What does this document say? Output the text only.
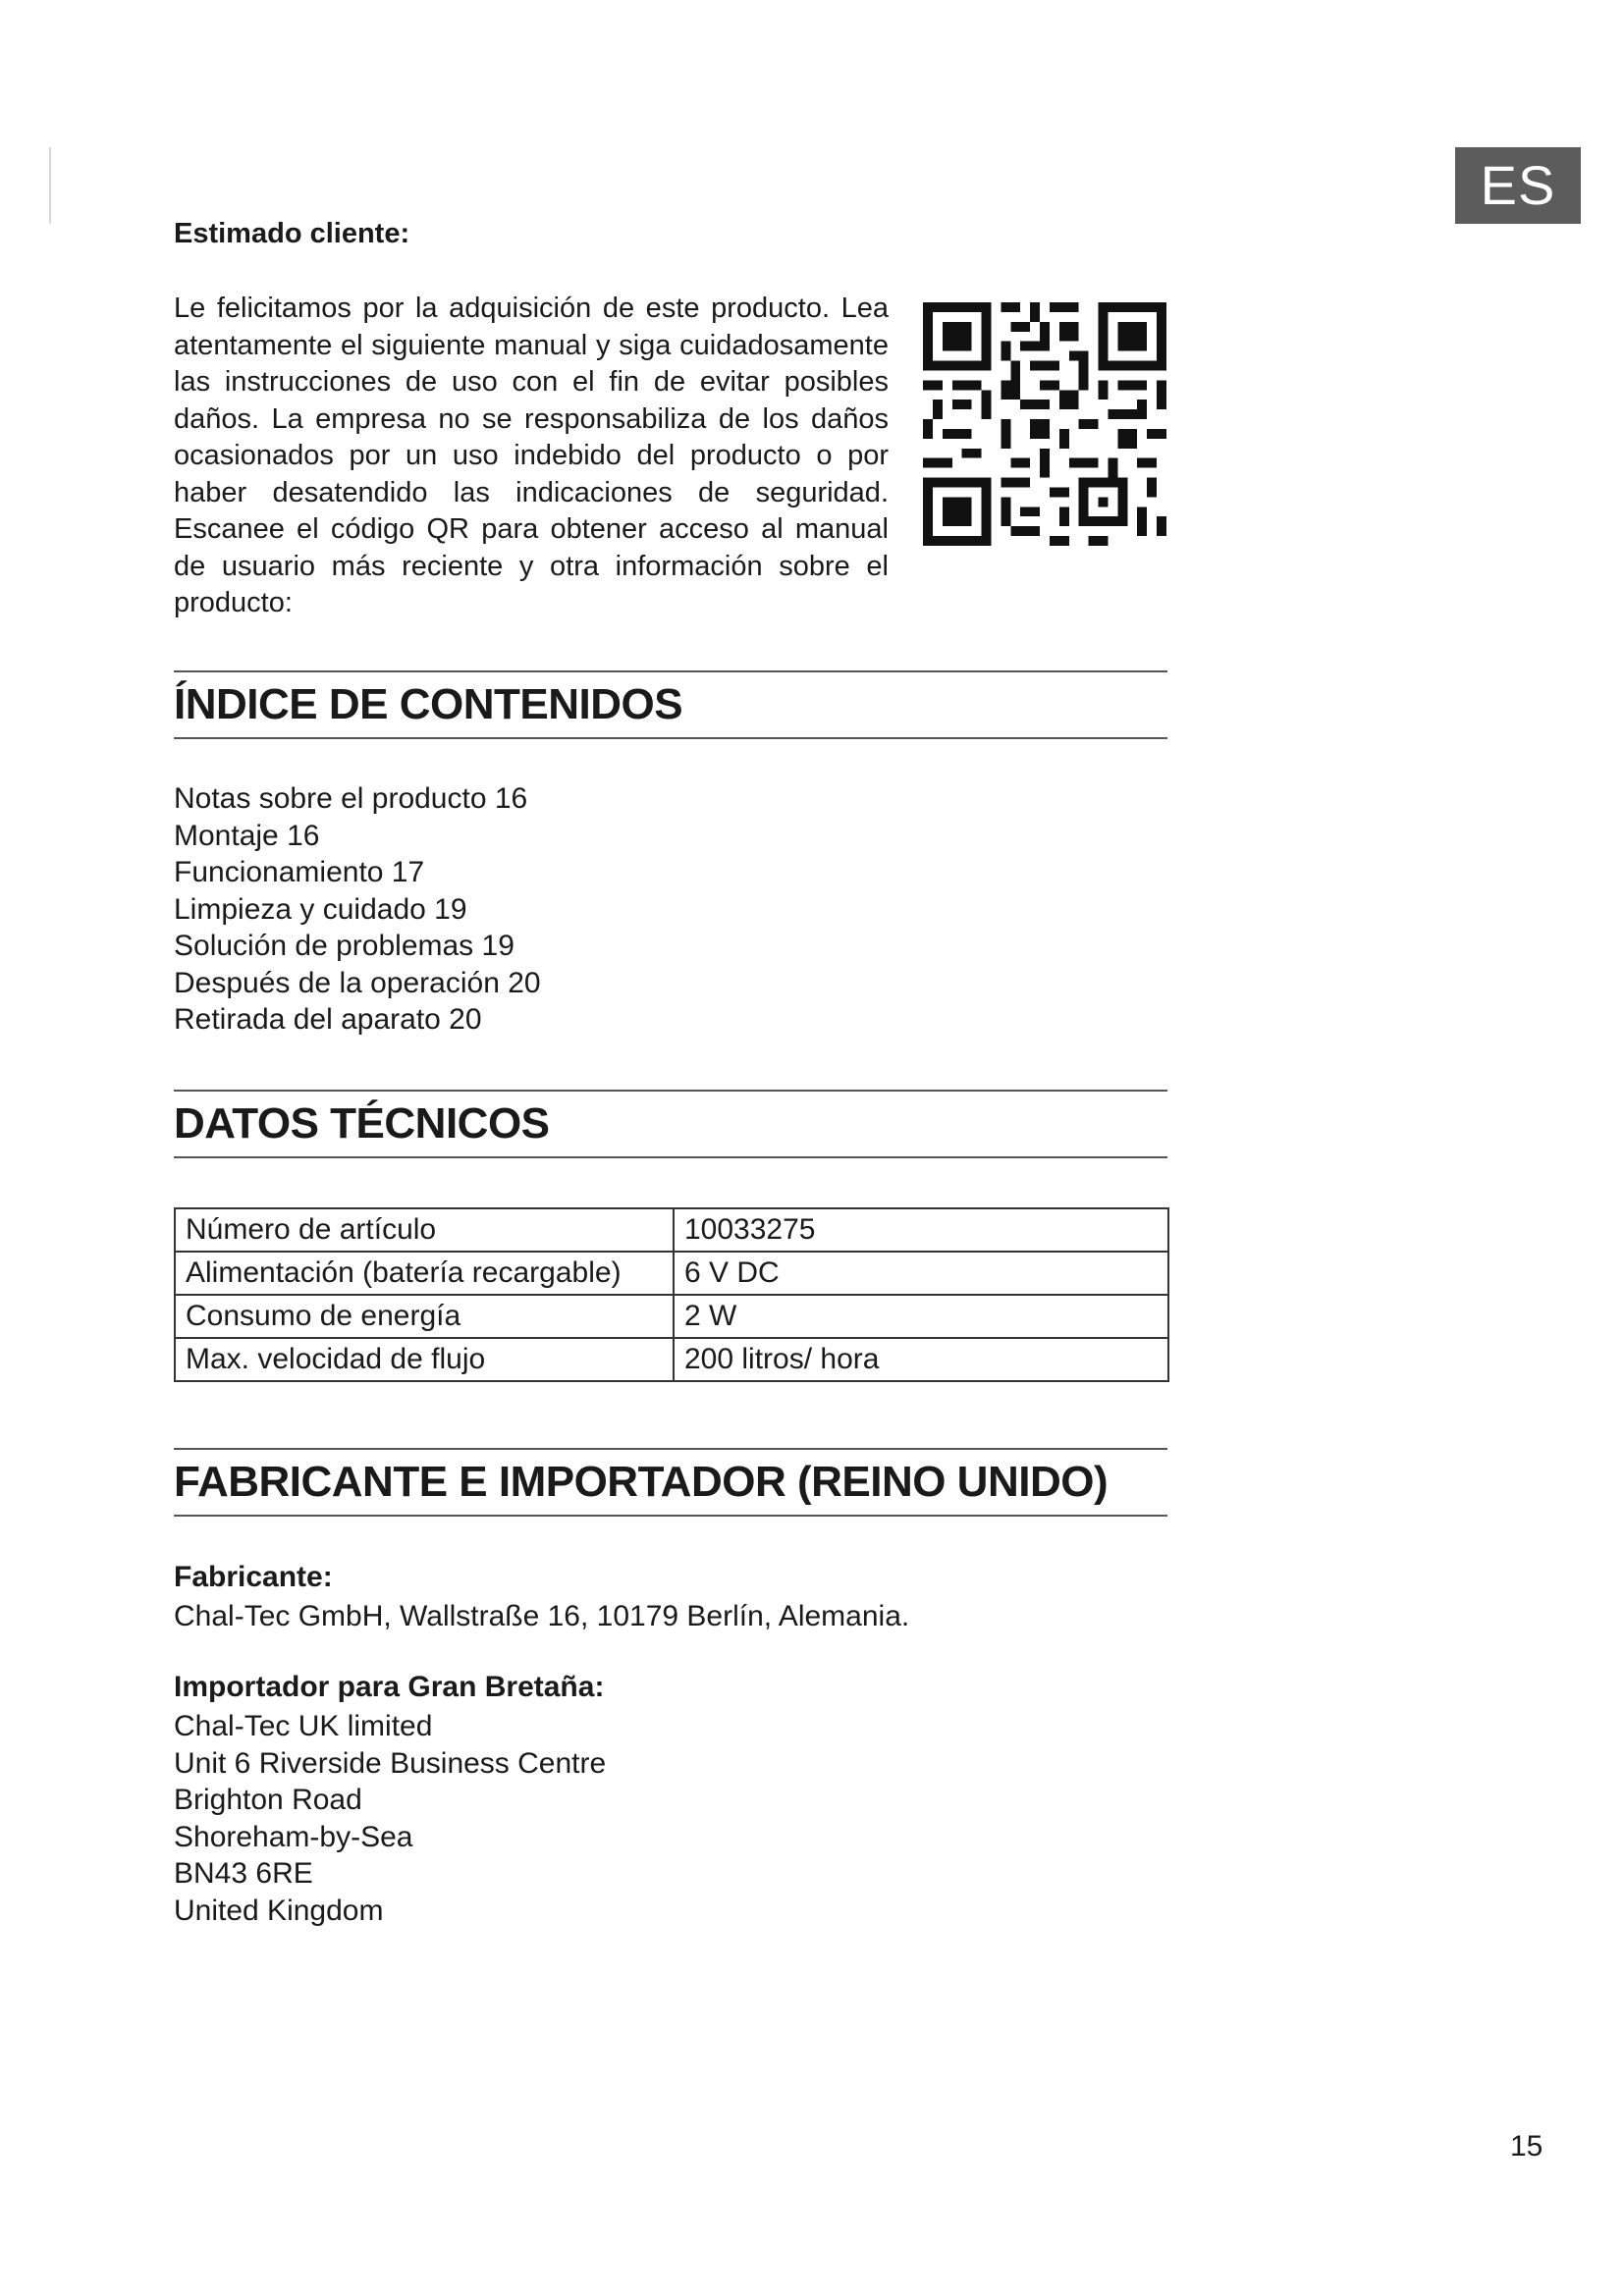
ES

Estimado cliente:

Le felicitamos por la adquisición de este producto. Lea atentamente el siguiente manual y siga cuidadosamente las instrucciones de uso con el fin de evitar posibles daños. La empresa no se responsabiliza de los daños ocasionados por un uso indebido del producto o por haber desatendido las indicaciones de seguridad. Escanee el código QR para obtener acceso al manual de usuario más reciente y otra información sobre el producto:

ÍNDICE DE CONTENIDOS
Notas sobre el producto 16
Montaje 16
Funcionamiento 17
Limpieza y cuidado 19
Solución de problemas 19
Después de la operación 20
Retirada del aparato 20
DATOS TÉCNICOS
Número de artículo	10033275
Alimentación (batería recargable)	6 V DC
Consumo de energía	2 W
Max. velocidad de flujo	200 litros/ hora
FABRICANTE E IMPORTADOR (REINO UNIDO)

Fabricante:

Chal-Tec GmbH, Wallstraße 16, 10179 Berlín, Alemania.

Importador para Gran Bretaña:

Chal-Tec UK limited
Unit 6 Riverside Business Centre
Brighton Road
Shoreham-by-Sea
BN43 6RE
United Kingdom
15
